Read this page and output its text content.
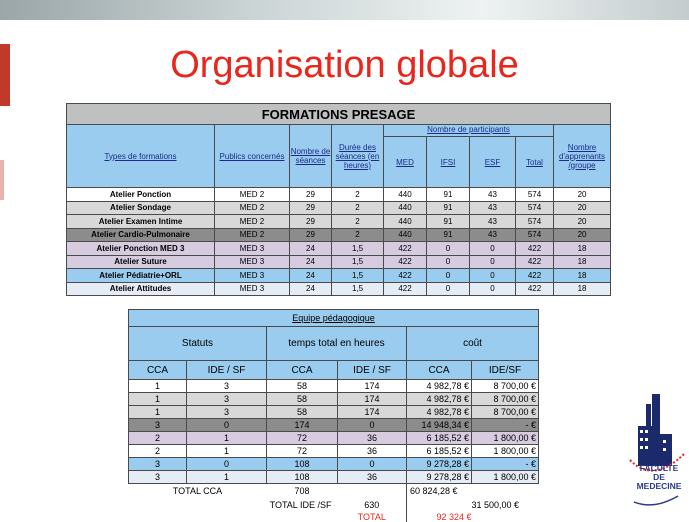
Organisation globale
FORMATIONS PRESAGE								
Types de formations	Publics concernés	Nombre de séances	Durée des séances (en heures)	Nombre de participants				Nombre d'apprenants /groupe
				MED	IFSI	ESF	Total	
Atelier Ponction	MED 2	29	2	440	91	43	574	20
Atelier Sondage	MED 2	29	2	440	91	43	574	20
Atelier Examen Intime	MED 2	29	2	440	91	43	574	20
Atelier Cardio-Pulmonaire	MED 2	29	2	440	91	43	574	20
Atelier Ponction MED 3	MED 3	24	1,5	422	0	0	422	18
Atelier Suture	MED 3	24	1,5	422	0	0	422	18
Atelier Pédiatrie+ORL	MED 3	24	1,5	422	0	0	422	18
Atelier Attitudes	MED 3	24	1,5	422	0	0	422	18
Equipe pédagogique					
Statuts		temps total en heures		coût	
CCA	IDE / SF	CCA	IDE / SF	CCA	IDE/SF
1	3	58	174	4 982,78 €	8 700,00 €
1	3	58	174	4 982,78 €	8 700,00 €
1	3	58	174	4 982,78 €	8 700,00 €
3	0	174	0	14 948,34 €	- €
2	1	72	36	6 185,52 €	1 800,00 €
2	1	72	36	6 185,52 €	1 800,00 €
3	0	108	0	9 278,28 €	- €
3	1	108	36	9 278,28 €	1 800,00 €
TOTAL CCA		708		60 824,28 €	
	TOTAL IDE /SF		630		31 500,00 €
			TOTAL	92 324 €	
FACULTE
DE MEDECINE
